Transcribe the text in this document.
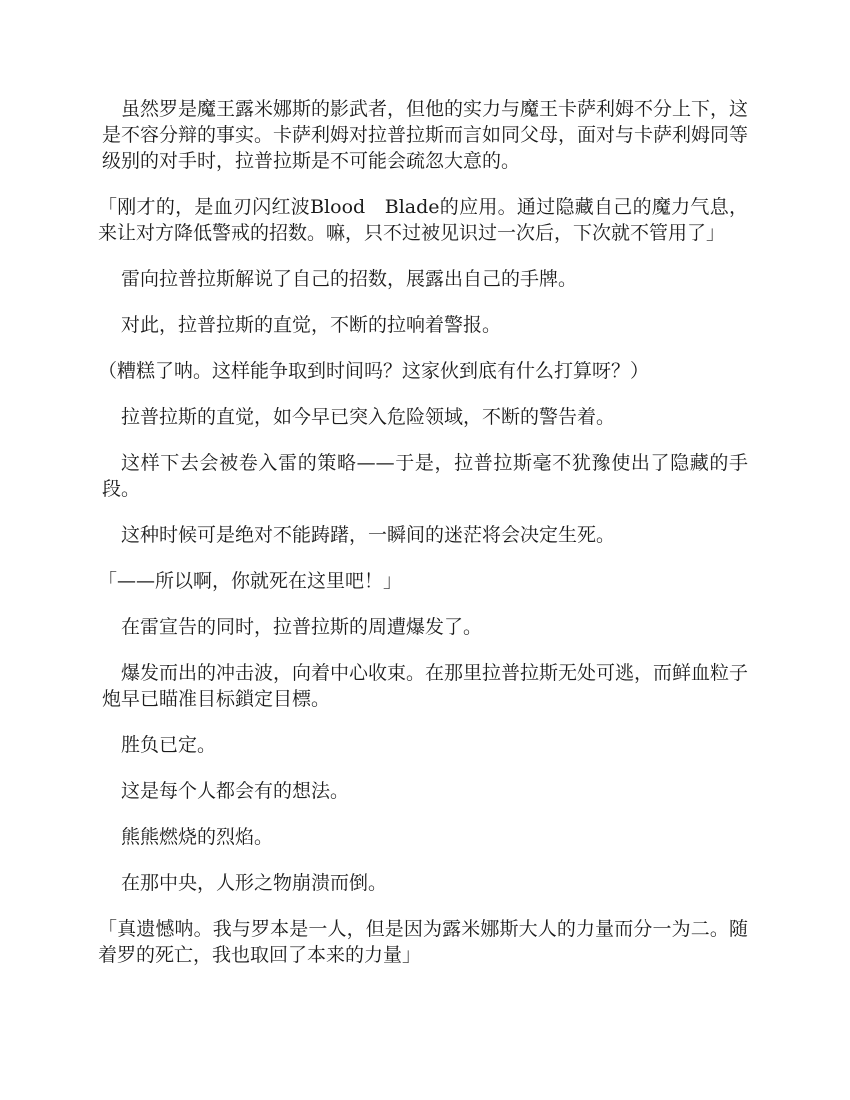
虽然罗是魔王露米娜斯的影武者，但他的实力与魔王卡萨利姆不分上下，这是不容分辩的事实。卡萨利姆对拉普拉斯而言如同父母，面对与卡萨利姆同等级别的对手时，拉普拉斯是不可能会疏忽大意的。

「刚才的，是血刃闪红波Blood　Blade的应用。通过隐藏自己的魔力气息，来让对方降低警戒的招数。嘛，只不过被见识过一次后，下次就不管用了」

雷向拉普拉斯解说了自己的招数，展露出自己的手牌。

对此，拉普拉斯的直觉，不断的拉响着警报。

（糟糕了呐。这样能争取到时间吗？这家伙到底有什么打算呀？）

拉普拉斯的直觉，如今早已突入危险领域，不断的警告着。

这样下去会被卷入雷的策略——于是，拉普拉斯毫不犹豫使出了隐藏的手段。

这种时候可是绝对不能踌躇，一瞬间的迷茫将会决定生死。

「——所以啊，你就死在这里吧！」

在雷宣告的同时，拉普拉斯的周遭爆发了。

爆发而出的冲击波，向着中心收束。在那里拉普拉斯无处可逃，而鲜血粒子炮早已瞄准目标鎖定目標。

胜负已定。

这是每个人都会有的想法。

熊熊燃烧的烈焰。

在那中央，人形之物崩溃而倒。

「真遗憾呐。我与罗本是一人，但是因为露米娜斯大人的力量而分一为二。随着罗的死亡，我也取回了本来的力量」
